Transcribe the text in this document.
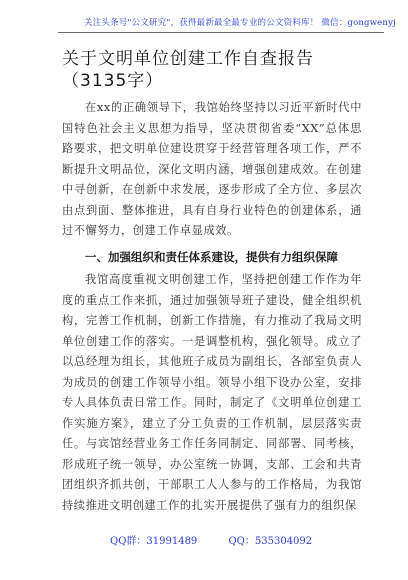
关注头条号"公文研究"，获得最新最全最专业的公文资料库！ 微信：gongwenyj
关于文明单位创建工作自查报告（3135字）
在xx的正确领导下，我馆始终坚持以习近平新时代中国特色社会主义思想为指导，坚决贯彻省委“XX”总体思路要求，把文明单位建设贯穿于经营管理各项工作，严不断提升文明品位，深化文明内涵，增强创建成效。在创建中寻创新，在创新中求发展，逐步形成了全方位、多层次由点到面、整体推进，具有自身行业特色的创建体系，通过不懈努力，创建工作卓显成效。
一、加强组织和责任体系建设，提供有力组织保障
我馆高度重视文明创建工作，坚持把创建工作作为年度的重点工作来抓，通过加强领导班子建设，健全组织机构，完善工作机制，创新工作措施，有力推动了我局文明单位创建工作的落实。一是调整机构，强化领导。成立了以总经理为组长，其他班子成员为副组长，各部室负责人为成员的创建工作领导小组。领导小组下设办公室，安排专人具体负责日常工作。同时，制定了《文明单位创建工作实施方案》，建立了分工负责的工作机制，层层落实责任。与宾馆经营业务工作任务同制定、同部署、同考核，形成班子统一领导，办公室统一协调，支部、工会和共青团组织齐抓共创，干部职工人人参与的工作格局，为我馆持续推进文明创建工作的扎实开展提供了强有力的组织保
QQ群：31991489	QQ：535304092
